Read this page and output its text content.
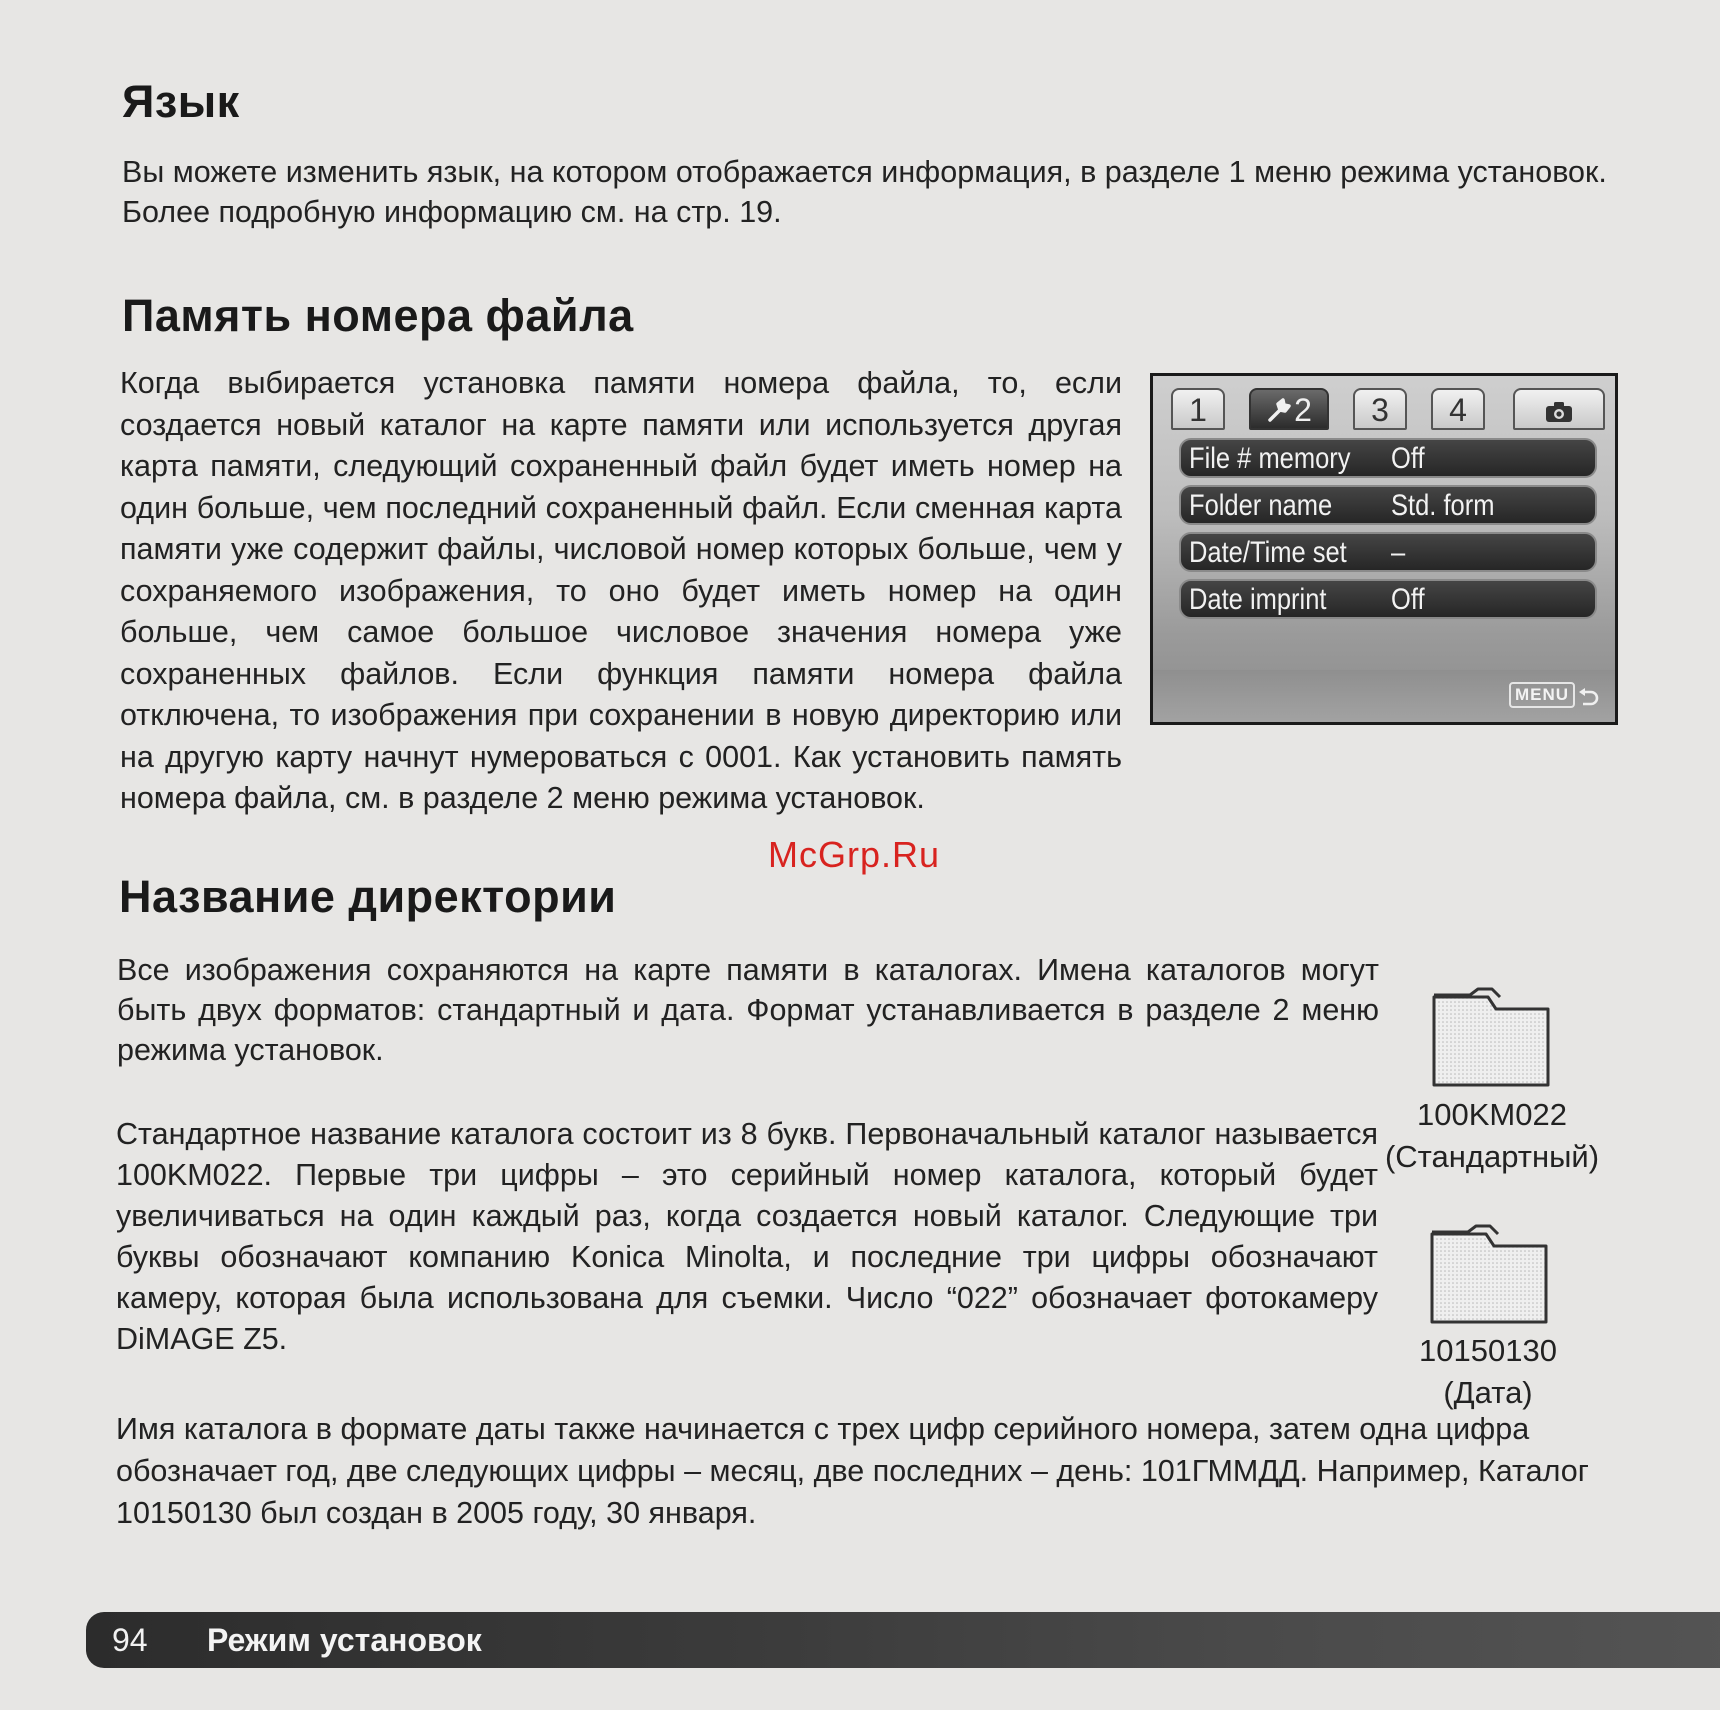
Язык

Вы можете изменить язык, на котором отображается информация, в разделе 1 меню режима установок. Более подробную информацию см. на стр. 19.

Память номера файла

Когда выбирается установка памяти номера файла, то, если создается новый каталог на карте памяти или используется другая карта памяти, следующий сохраненный файл будет иметь номер на один больше, чем последний сохраненный файл. Если сменная карта памяти уже содержит файлы, числовой номер которых больше, чем у сохраняемого изображения, то оно будет иметь номер на один больше, чем самое большое числовое значения номера уже сохраненных файлов. Если функция памяти номера файла отключена, то изображения при сохранении в новую директорию или на другую карту начнут нумероваться с 0001. Как установить память номера файла, см. в разделе 2 меню режима установок.

1	2	3	4
File # memory Off
Folder name Std. form
Date/Time set –
Date imprint Off
MENU
McGrp.Ru
Название директории

Все изображения сохраняются на карте памяти в каталогах. Имена каталогов могут быть двух форматов: стандартный и дата. Формат устанавливается в разделе 2 меню режима установок.

Стандартное название каталога состоит из 8 букв. Первоначальный каталог называется 100KM022. Первые три цифры – это серийный номер каталога, который будет увеличиваться на один каждый раз, когда создается новый каталог. Следующие три буквы обозначают компанию Konica Minolta, и последние три цифры обозначают камеру, которая была использована для съемки. Число “022” обозначает фотокамеру DiMAGE Z5.

Имя каталога в формате даты также начинается с трех цифр серийного номера, затем одна цифра обозначает год, две следующих цифры – месяц, две последних – день: 101ГММДД. Например, Каталог 10150130 был создан в 2005 году, 30 января.

100KM022
(Стандартный)
10150130
(Дата)
94 Режим установок
